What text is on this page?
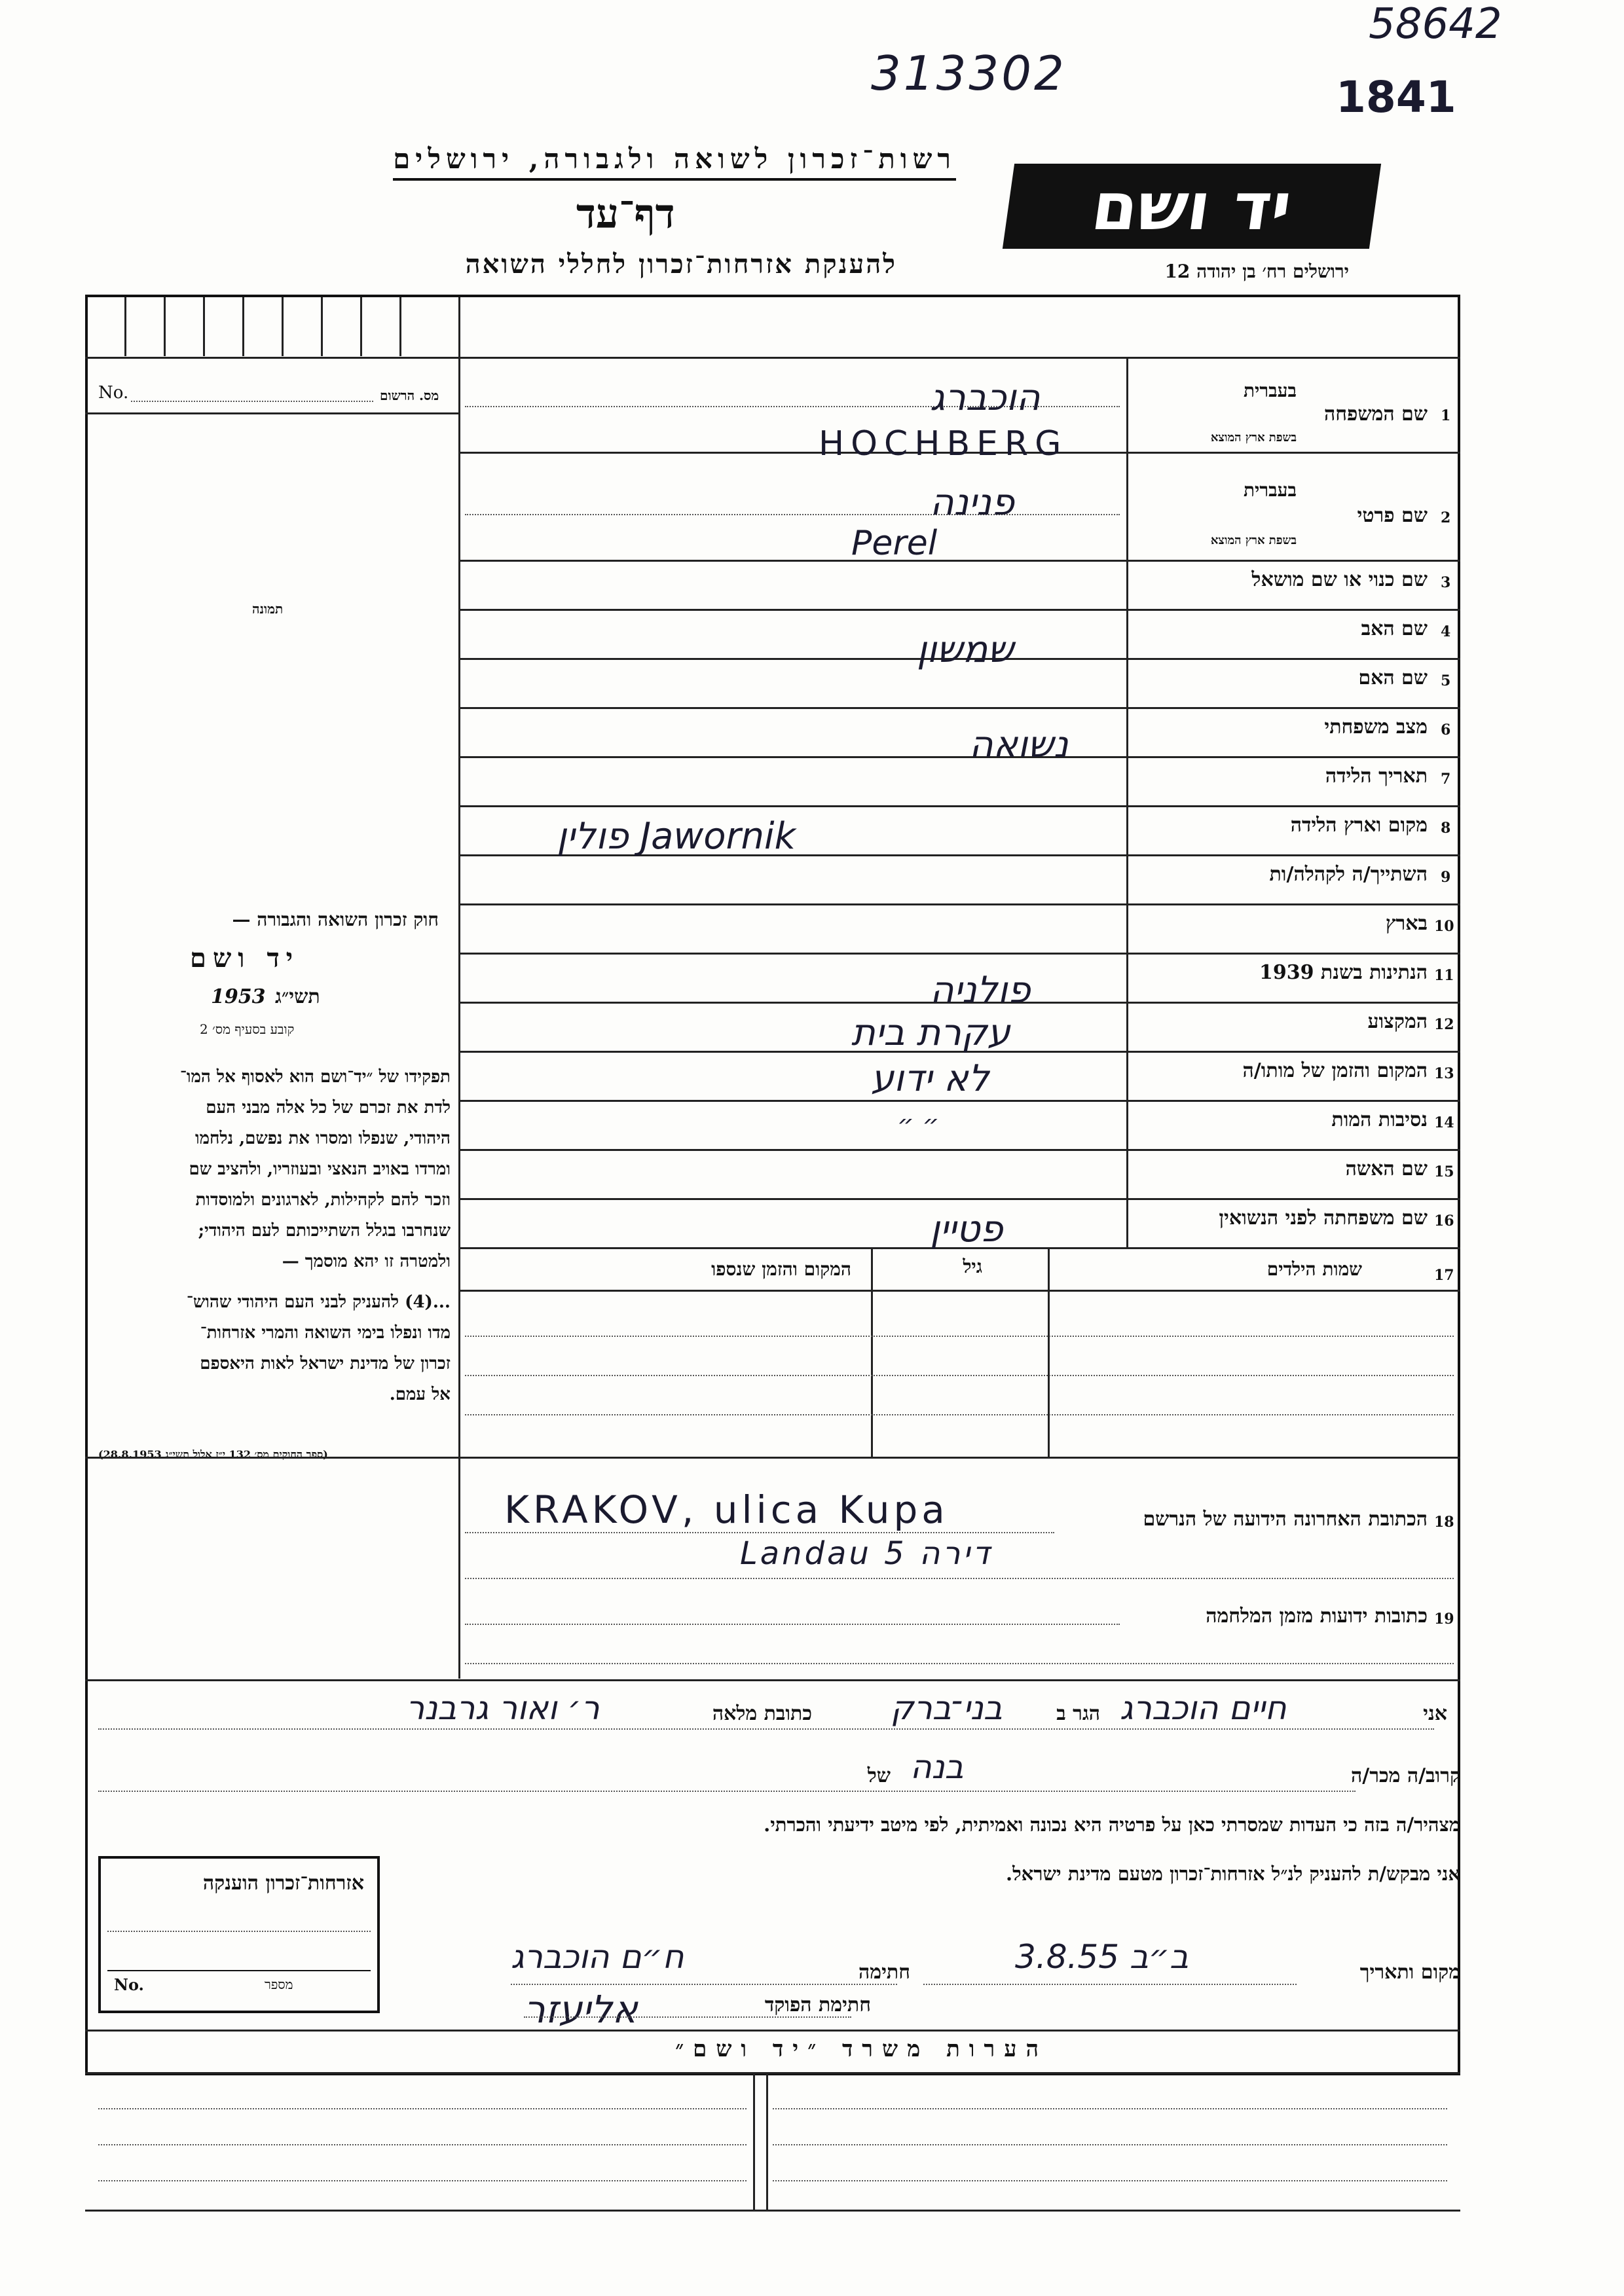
313302
58642
1841
רשות־זכרון לשואה ולגבורה, ירושלים
דף־עד
להענקת אזרחות־זכרון לחללי השואה
יד ושם
ירושלים רח׳ בן יהודה 12
מס. הרשום
No.
תמונה
חוק זכרון השואה והגבורה —
יד ושם
תשי״ג
1953
קובע בסעיף מס׳ 2
תפקידו של ״יד־ושם הוא לאסוף אל המו־
לדת את זכרם של כל אלה מבני העם
היהודי, שנפלו ומסרו את נפשם, נלחמו
ומרדו באויב הנאצי ובעוזריו, ולהציב שם
וזכר להם לקהילות, לארגונים ולמוסדות
שנחרבו בגלל השתייכותם לעם היהודי;
ולמטרה זו יהא מוסמך —
...(4) להעניק לבני העם היהודי שהוש־
מדו ונפלו בימי השואה והמרי אזרחות־
זכרון של מדינת ישראל לאות היאספם
אל עמם.
(ספר החוקים מס׳ 132 י״ז אלול תשי״ג 28.8.1953)
1
שם המשפחה
בעברית
בשפת ארץ המוצא
הוכברג
HOCHBERG
2
שם פרטי
בעברית
בשפת ארץ המוצא
פנינה
Perel
3
שם כנוי או שם מושאל
4
שם האב
שמשון
5
שם האם
6
מצב משפחתי
נשואה
7
תאריך הלידה
8
מקום וארץ הלידה
Jawornik פולין
9
השתייך/ה לקהלה/ות
10
בארץ
11
הנתינות בשנת 1939
פולניה
12
המקצוע
עקרת בית
13
המקום והזמן של מותו/ה
לא ידוע
14
נסיבות המות
״ ״
15
שם האשה
16
שם משפחתה לפני הנשואין
פטיין
17
שמות הילדים
גיל
המקום והזמן שנספו
18
הכתובת האחרונה הידועה של הנרשם
KRAKOV, ulica Kupa
Landau 5 דירה
19
כתובות ידועות מזמן המלחמה
אני
חיים הוכברג
הגר ב
בני־ברק
כתובת מלאה
ר׳ ואור גרבנר
קרוב/ה מכר/ה
של בנה
מצהיר/ה בזה כי העדות שמסרתי כאן על פרטיה היא נכונה ואמיתית, לפי מיטב ידיעתי והכרתי.
אני מבקש/ת להעניק לנ״ל אזרחות־זכרון מטעם מדינת ישראל.
מקום ותאריך
ב״ב 3.8.55
חתימה
ח״ם הוכברג
חתימת הפוקד
אליעזר
אזרחות־זכרון הוענקה
No.	מספר
הערות משרד ״יד ושם״
